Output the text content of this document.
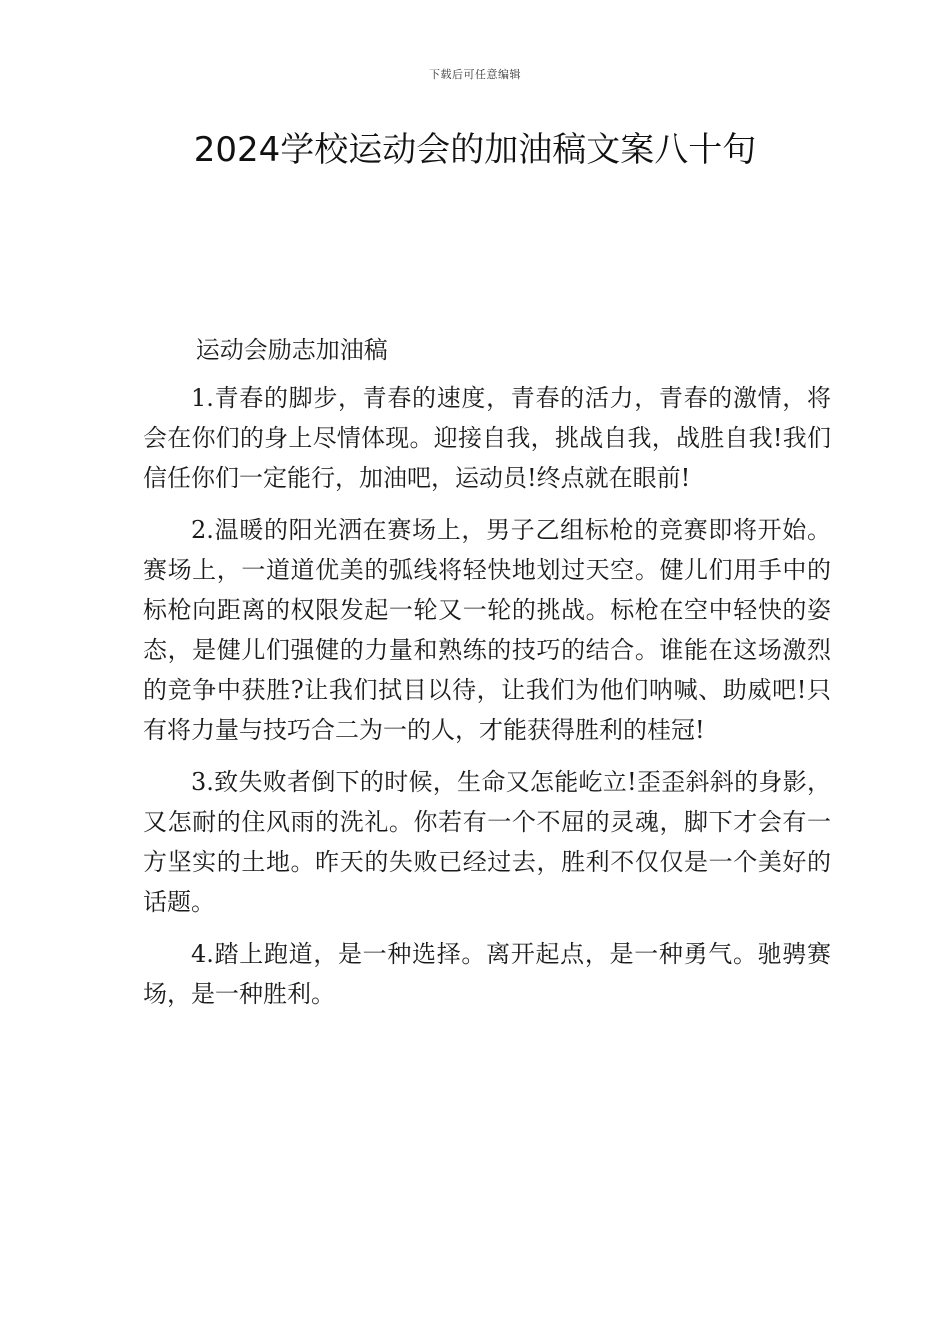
下载后可任意编辑
2024学校运动会的加油稿文案八十句

运动会励志加油稿

1.青春的脚步，青春的速度，青春的活力，青春的激情，将会在你们的身上尽情体现。迎接自我，挑战自我，战胜自我!我们信任你们一定能行，加油吧，运动员!终点就在眼前!

2.温暖的阳光洒在赛场上，男子乙组标枪的竞赛即将开始。赛场上，一道道优美的弧线将轻快地划过天空。健儿们用手中的标枪向距离的权限发起一轮又一轮的挑战。标枪在空中轻快的姿态，是健儿们强健的力量和熟练的技巧的结合。谁能在这场激烈的竞争中获胜?让我们拭目以待，让我们为他们呐喊、助威吧!只有将力量与技巧合二为一的人，才能获得胜利的桂冠!

3.致失败者倒下的时候，生命又怎能屹立!歪歪斜斜的身影，又怎耐的住风雨的洗礼。你若有一个不屈的灵魂，脚下才会有一方坚实的土地。昨天的失败已经过去，胜利不仅仅是一个美好的话题。

4.踏上跑道，是一种选择。离开起点，是一种勇气。驰骋赛场，是一种胜利。
